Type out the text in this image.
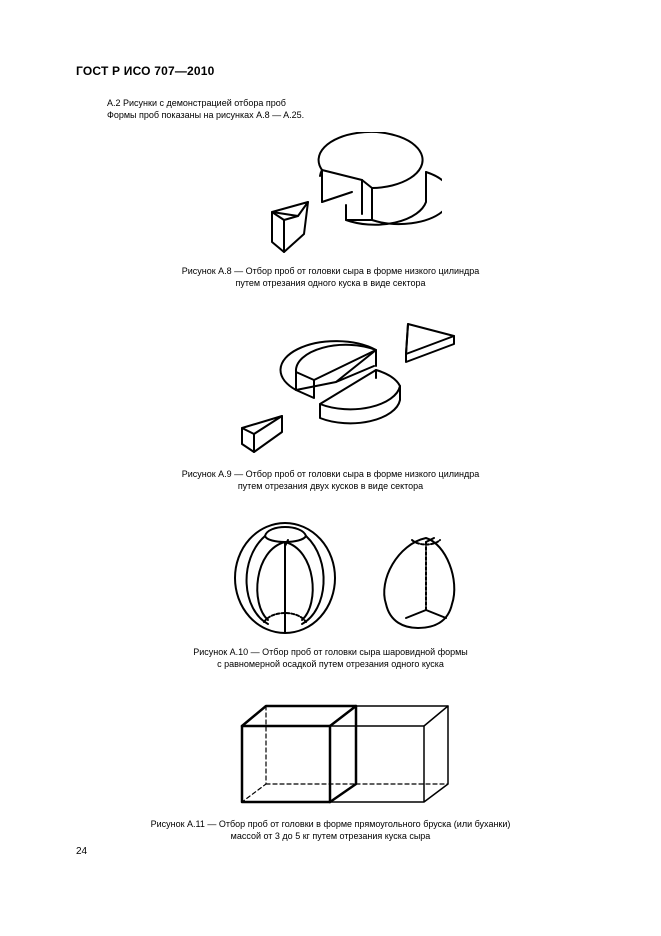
ГОСТ Р ИСО 707—2010
A.2 Рисунки с демонстрацией отбора проб
Формы проб показаны на рисунках A.8 — A.25.
Рисунок A.8 — Отбор проб от головки сыра в форме низкого цилиндра
путем отрезания одного куска в виде сектора
Рисунок A.9 — Отбор проб от головки сыра в форме низкого цилиндра
путем отрезания двух кусков в виде сектора
Рисунок A.10 — Отбор проб от головки сыра шаровидной формы
с равномерной осадкой путем отрезания одного куска
Рисунок A.11 — Отбор проб от головки в форме прямоугольного бруска (или буханки)
массой от 3 до 5 кг путем отрезания куска сыра
24
